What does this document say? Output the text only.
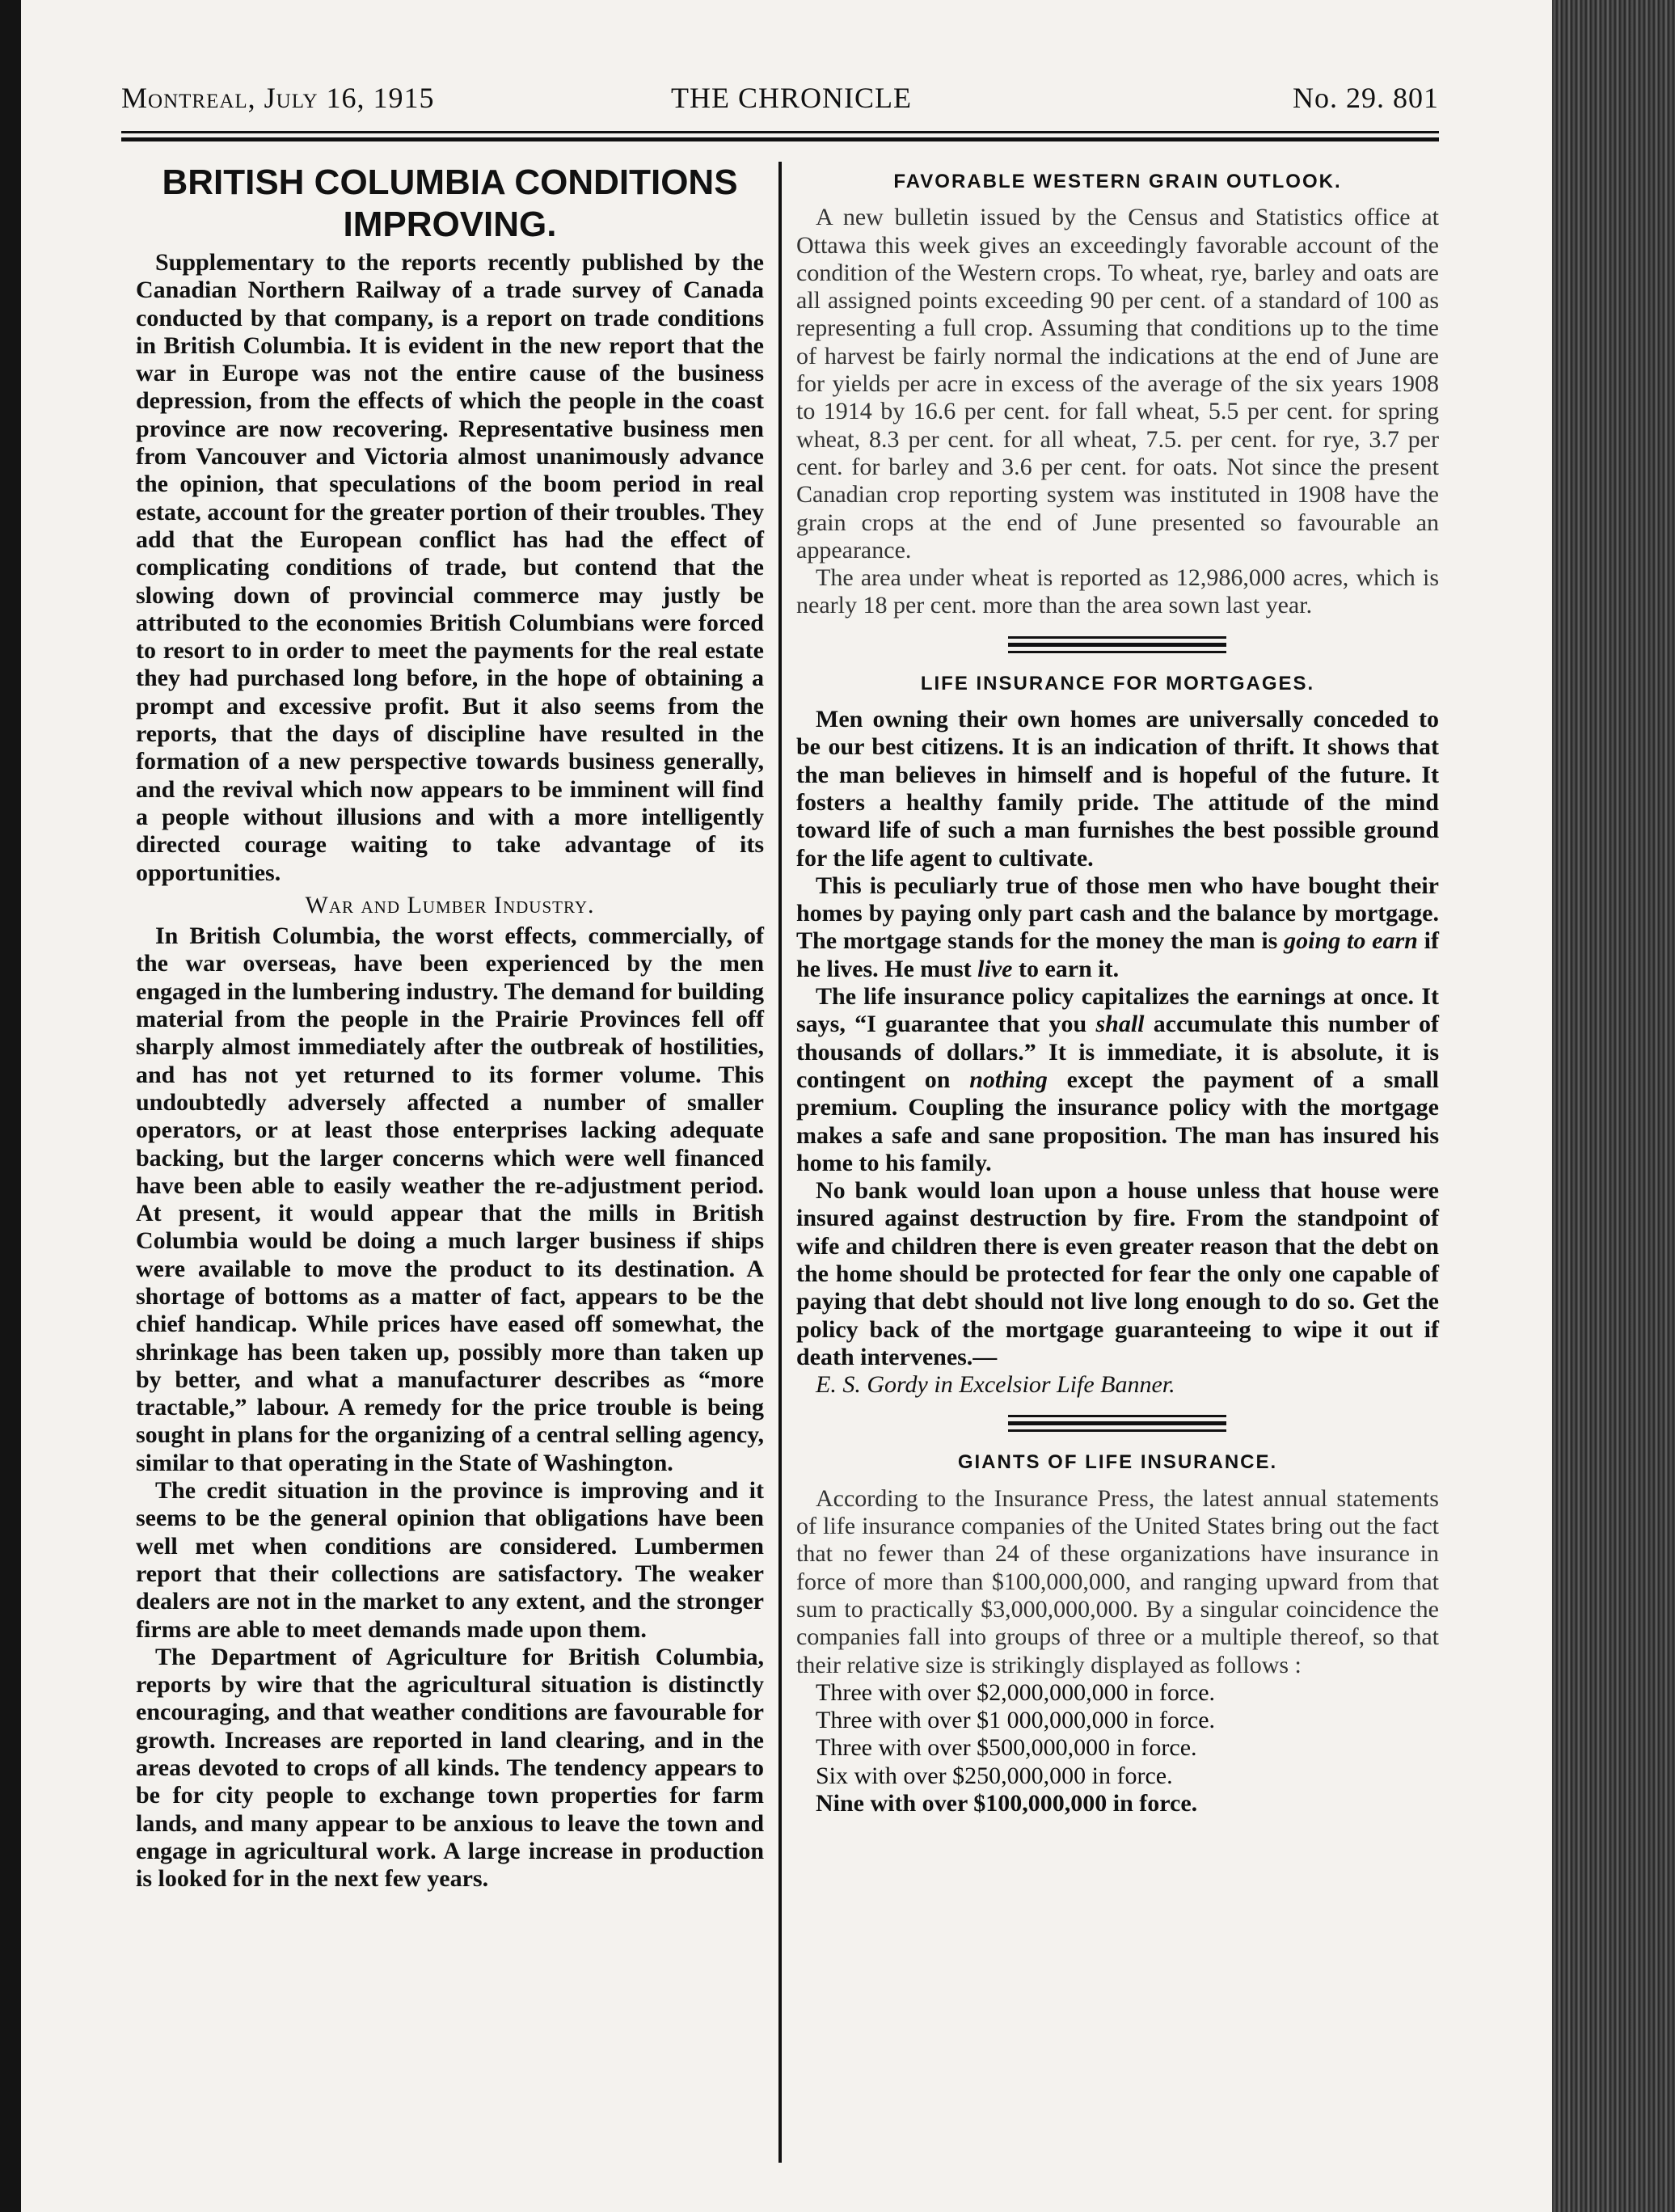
Montreal, July 16, 1915	THE CHRONICLE	No. 29. 801
BRITISH COLUMBIA CONDITIONS IMPROVING.

Supplementary to the reports recently published by the Canadian Northern Railway of a trade survey of Canada conducted by that company, is a report on trade conditions in British Columbia. It is evident in the new report that the war in Europe was not the entire cause of the business depression, from the effects of which the people in the coast province are now recovering. Representative business men from Vancouver and Victoria almost unanimously advance the opinion, that speculations of the boom period in real estate, account for the greater portion of their troubles. They add that the European conflict has had the effect of complicating conditions of trade, but contend that the slowing down of provincial commerce may justly be attributed to the economies British Columbians were forced to resort to in order to meet the payments for the real estate they had purchased long before, in the hope of obtaining a prompt and excessive profit. But it also seems from the reports, that the days of discipline have resulted in the formation of a new perspective towards business generally, and the revival which now appears to be imminent will find a people without illusions and with a more intelligently directed courage waiting to take advantage of its opportunities.

War and Lumber Industry.

In British Columbia, the worst effects, commercially, of the war overseas, have been experienced by the men engaged in the lumbering industry. The demand for building material from the people in the Prairie Provinces fell off sharply almost immediately after the outbreak of hostilities, and has not yet returned to its former volume. This undoubtedly adversely affected a number of smaller operators, or at least those enterprises lacking adequate backing, but the larger concerns which were well financed have been able to easily weather the re-adjustment period. At present, it would appear that the mills in British Columbia would be doing a much larger business if ships were available to move the product to its destination. A shortage of bottoms as a matter of fact, appears to be the chief handicap. While prices have eased off somewhat, the shrinkage has been taken up, possibly more than taken up by better, and what a manufacturer describes as “more tractable,” labour. A remedy for the price trouble is being sought in plans for the organizing of a central selling agency, similar to that operating in the State of Washington.

The credit situation in the province is improving and it seems to be the general opinion that obligations have been well met when conditions are considered. Lumbermen report that their collections are satisfactory. The weaker dealers are not in the market to any extent, and the stronger firms are able to meet demands made upon them.

The Department of Agriculture for British Columbia, reports by wire that the agricultural situation is distinctly encouraging, and that weather conditions are favourable for growth. Increases are reported in land clearing, and in the areas devoted to crops of all kinds. The tendency appears to be for city people to exchange town properties for farm lands, and many appear to be anxious to leave the town and engage in agricultural work. A large increase in production is looked for in the next few years.

FAVORABLE WESTERN GRAIN OUTLOOK.

A new bulletin issued by the Census and Statistics office at Ottawa this week gives an exceedingly favorable account of the condition of the Western crops. To wheat, rye, barley and oats are all assigned points exceeding 90 per cent. of a standard of 100 as representing a full crop. Assuming that conditions up to the time of harvest be fairly normal the indications at the end of June are for yields per acre in excess of the average of the six years 1908 to 1914 by 16.6 per cent. for fall wheat, 5.5 per cent. for spring wheat, 8.3 per cent. for all wheat, 7.5. per cent. for rye, 3.7 per cent. for barley and 3.6 per cent. for oats. Not since the present Canadian crop reporting system was instituted in 1908 have the grain crops at the end of June presented so favourable an appearance.

The area under wheat is reported as 12,986,000 acres, which is nearly 18 per cent. more than the area sown last year.

LIFE INSURANCE FOR MORTGAGES.

Men owning their own homes are universally conceded to be our best citizens. It is an indication of thrift. It shows that the man believes in himself and is hopeful of the future. It fosters a healthy family pride. The attitude of the mind toward life of such a man furnishes the best possible ground for the life agent to cultivate.

This is peculiarly true of those men who have bought their homes by paying only part cash and the balance by mortgage. The mortgage stands for the money the man is going to earn if he lives. He must live to earn it.

The life insurance policy capitalizes the earnings at once. It says, “I guarantee that you shall accumulate this number of thousands of dollars.” It is immediate, it is absolute, it is contingent on nothing except the payment of a small premium. Coupling the insurance policy with the mortgage makes a safe and sane proposition. The man has insured his home to his family.

No bank would loan upon a house unless that house were insured against destruction by fire. From the standpoint of wife and children there is even greater reason that the debt on the home should be protected for fear the only one capable of paying that debt should not live long enough to do so. Get the policy back of the mortgage guaranteeing to wipe it out if death intervenes.—

E. S. Gordy in Excelsior Life Banner.

GIANTS OF LIFE INSURANCE.

According to the Insurance Press, the latest annual statements of life insurance companies of the United States bring out the fact that no fewer than 24 of these organizations have insurance in force of more than $100,000,000, and ranging upward from that sum to practically $3,000,000,000. By a singular coincidence the companies fall into groups of three or a multiple thereof, so that their relative size is strikingly displayed as follows :

Three with over $2,000,000,000 in force.
Three with over $1 000,000,000 in force.
Three with over $500,000,000 in force.
Six with over $250,000,000 in force.
Nine with over $100,000,000 in force.
